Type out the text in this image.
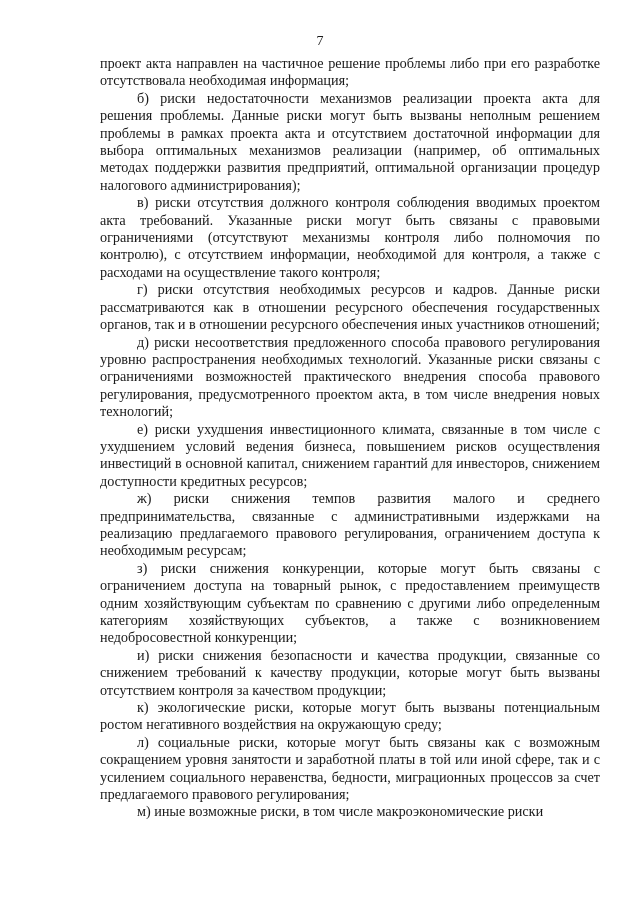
7

проект акта направлен на частичное решение проблемы либо при его разработке отсутствовала необходимая информация;

б) риски недостаточности механизмов реализации проекта акта для решения проблемы. Данные риски могут быть вызваны неполным решением проблемы в рамках проекта акта и отсутствием достаточной информации для выбора оптимальных механизмов реализации (например, об оптимальных методах поддержки развития предприятий, оптимальной организации процедур налогового администрирования);

в) риски отсутствия должного контроля соблюдения вводимых проектом акта требований. Указанные риски могут быть связаны с правовыми ограничениями (отсутствуют механизмы контроля либо полномочия по контролю), с отсутствием информации, необходимой для контроля, а также с расходами на осуществление такого контроля;

г) риски отсутствия необходимых ресурсов и кадров. Данные риски рассматриваются как в отношении ресурсного обеспечения государственных органов, так и в отношении ресурсного обеспечения иных участников отношений;

д) риски несоответствия предложенного способа правового регулирования уровню распространения необходимых технологий. Указанные риски связаны с ограничениями возможностей практического внедрения способа правового регулирования, предусмотренного проектом акта, в том числе внедрения новых технологий;

е) риски ухудшения инвестиционного климата, связанные в том числе с ухудшением условий ведения бизнеса, повышением рисков осуществления инвестиций в основной капитал, снижением гарантий для инвесторов, снижением доступности кредитных ресурсов;

ж) риски снижения темпов развития малого и среднего предпринимательства, связанные с административными издержками на реализацию предлагаемого правового регулирования, ограничением доступа к необходимым ресурсам;

з) риски снижения конкуренции, которые могут быть связаны с ограничением доступа на товарный рынок, с предоставлением преимуществ одним хозяйствующим субъектам по сравнению с другими либо определенным категориям хозяйствующих субъектов, а также с возникновением недобросовестной конкуренции;

и) риски снижения безопасности и качества продукции, связанные со снижением требований к качеству продукции, которые могут быть вызваны отсутствием контроля за качеством продукции;

к) экологические риски, которые могут быть вызваны потенциальным ростом негативного воздействия на окружающую среду;

л) социальные риски, которые могут быть связаны как с возможным сокращением уровня занятости и заработной платы в той или иной сфере, так и с усилением социального неравенства, бедности, миграционных процессов за счет предлагаемого правового регулирования;

м) иные возможные риски, в том числе макроэкономические риски
